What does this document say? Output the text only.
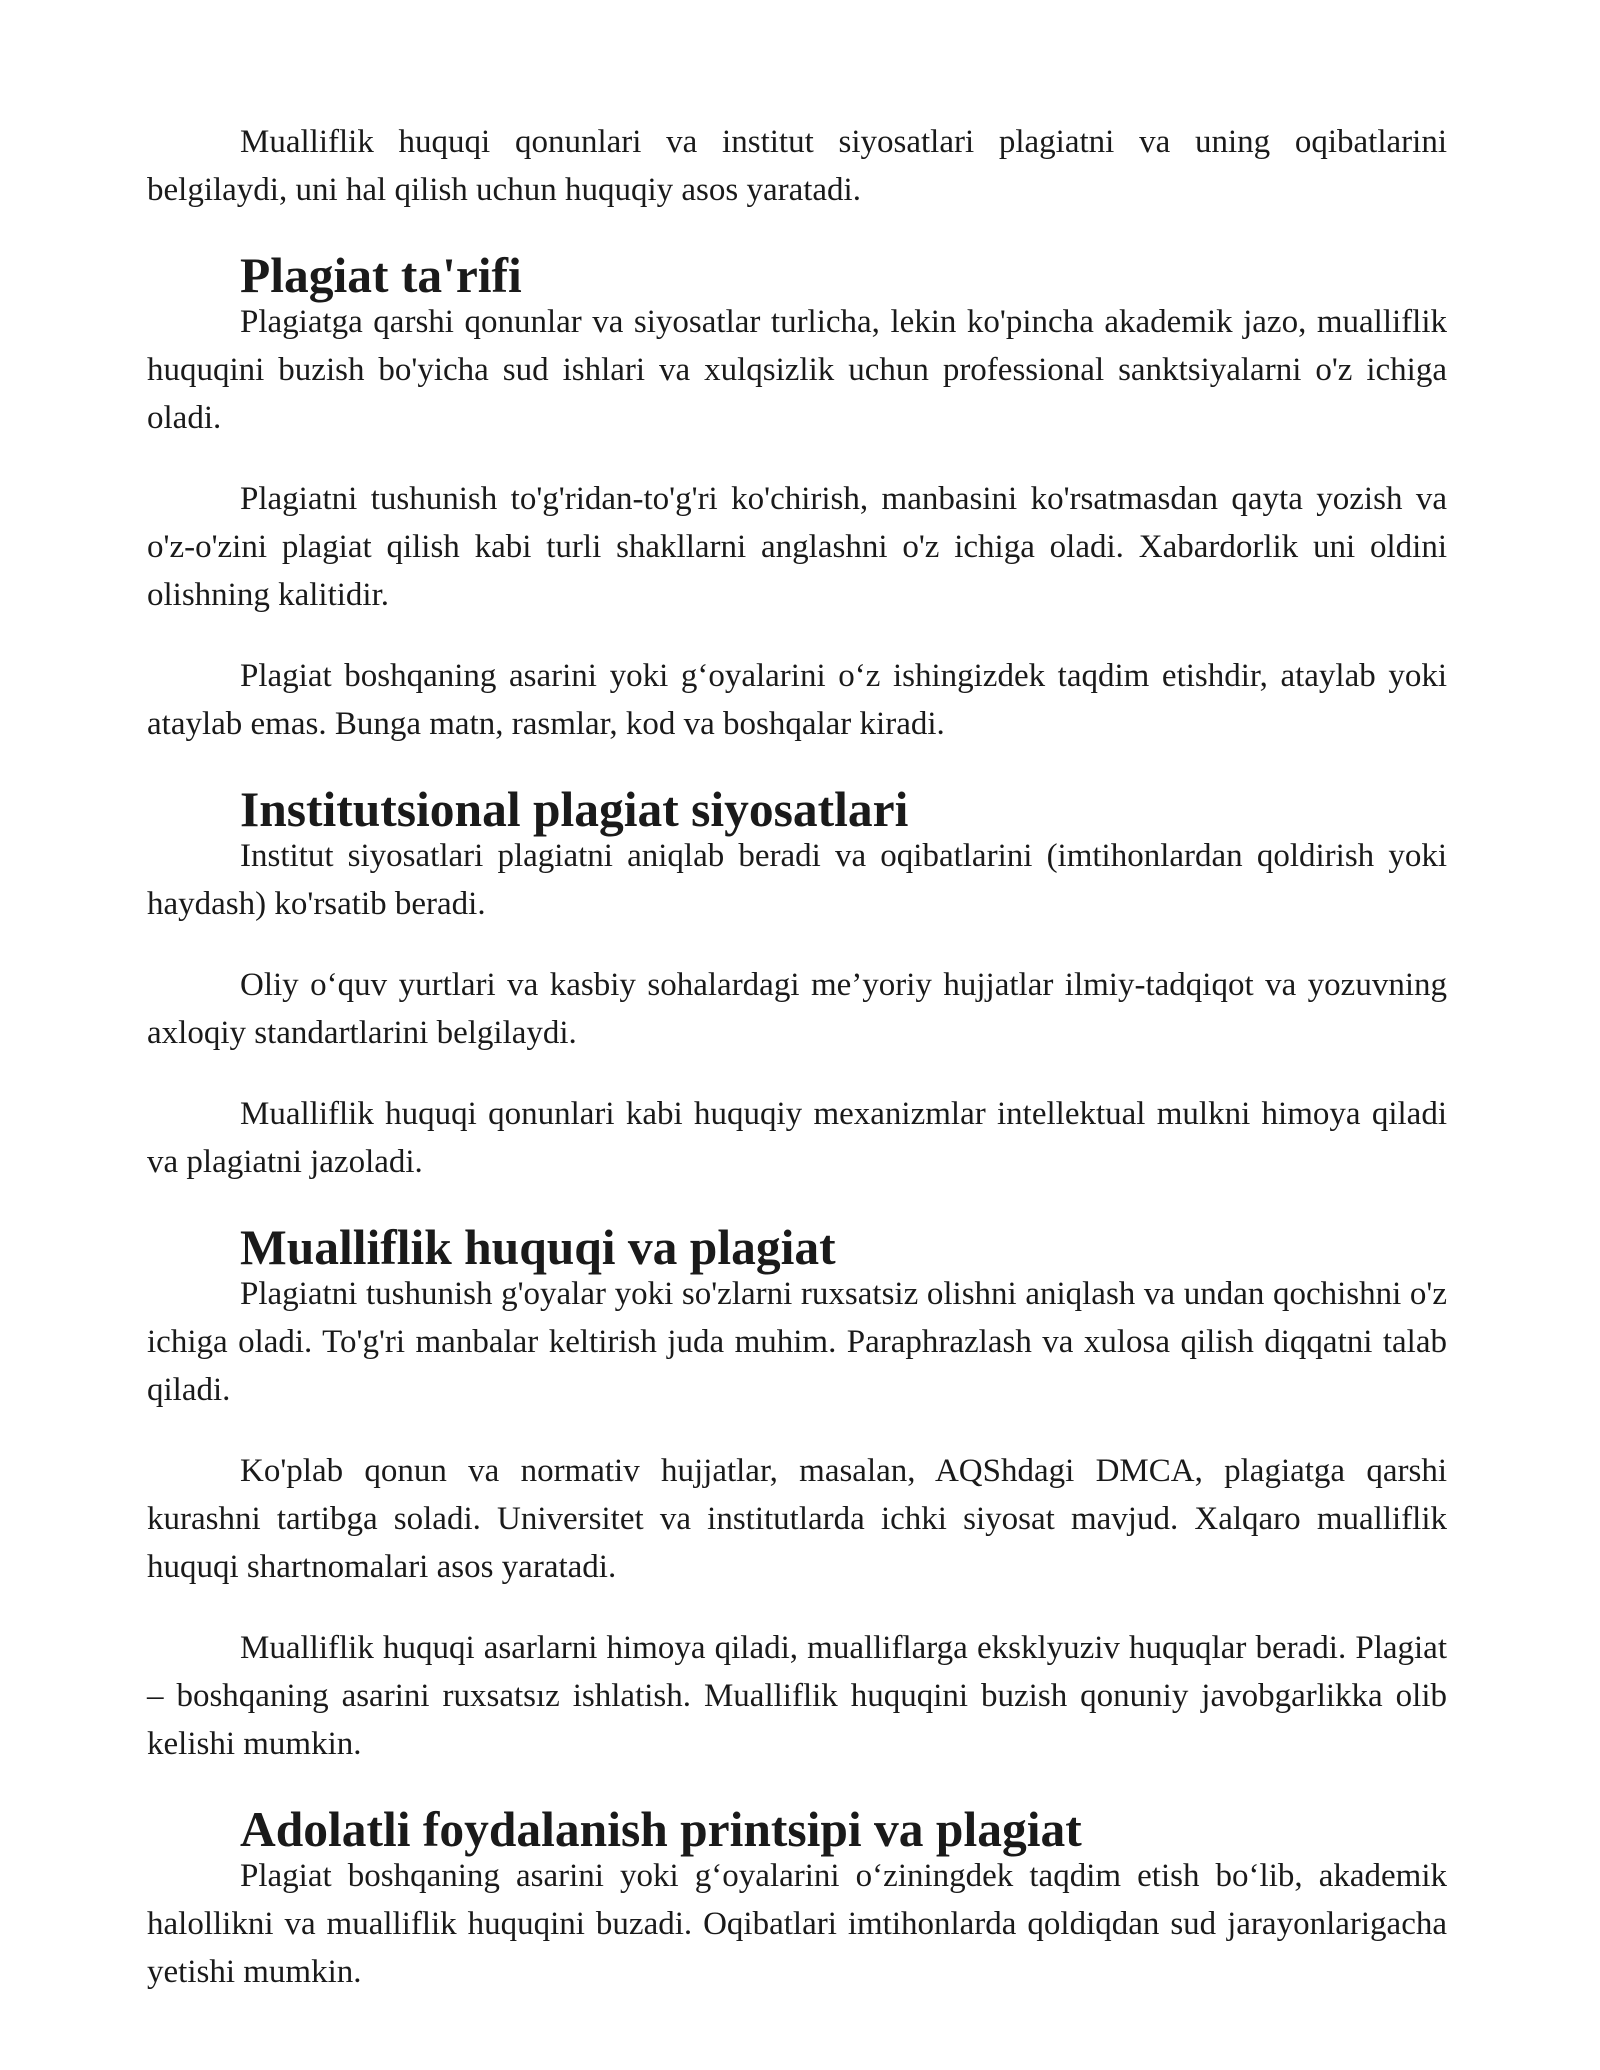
Mualliflik huquqi qonunlari va institut siyosatlari plagiatni va uning oqibatlarini belgilaydi, uni hal qilish uchun huquqiy asos yaratadi.

Plagiat ta'rifi

Plagiatga qarshi qonunlar va siyosatlar turlicha, lekin ko'pincha akademik jazo, mualliflik huquqini buzish bo'yicha sud ishlari va xulqsizlik uchun professional sanktsiyalarni o'z ichiga oladi.

Plagiatni tushunish to'g'ridan-to'g'ri ko'chirish, manbasini ko'rsatmasdan qayta yozish va o'z-o'zini plagiat qilish kabi turli shakllarni anglashni o'z ichiga oladi. Xabardorlik uni oldini olishning kalitidir.

Plagiat boshqaning asarini yoki g‘oyalarini o‘z ishingizdek taqdim etishdir, ataylab yoki ataylab emas. Bunga matn, rasmlar, kod va boshqalar kiradi.

Institutsional plagiat siyosatlari

Institut siyosatlari plagiatni aniqlab beradi va oqibatlarini (imtihonlardan qoldirish yoki haydash) ko'rsatib beradi.

Oliy o‘quv yurtlari va kasbiy sohalardagi me’yoriy hujjatlar ilmiy-tadqiqot va yozuvning axloqiy standartlarini belgilaydi.

Mualliflik huquqi qonunlari kabi huquqiy mexanizmlar intellektual mulkni himoya qiladi va plagiatni jazoladi.

Mualliflik huquqi va plagiat

Plagiatni tushunish g'oyalar yoki so'zlarni ruxsatsiz olishni aniqlash va undan qochishni o'z ichiga oladi. To'g'ri manbalar keltirish juda muhim. Paraphrazlash va xulosa qilish diqqatni talab qiladi.

Ko'plab qonun va normativ hujjatlar, masalan, AQShdagi DMCA, plagiatga qarshi kurashni tartibga soladi. Universitet va institutlarda ichki siyosat mavjud. Xalqaro mualliflik huquqi shartnomalari asos yaratadi.

Mualliflik huquqi asarlarni himoya qiladi, mualliflarga eksklyuziv huquqlar beradi. Plagiat – boshqaning asarini ruxsatsız ishlatish. Mualliflik huquqini buzish qonuniy javobgarlikka olib kelishi mumkin.

Adolatli foydalanish printsipi va plagiat

Plagiat boshqaning asarini yoki g‘oyalarini o‘ziningdek taqdim etish bo‘lib, akademik halollikni va mualliflik huquqini buzadi. Oqibatlari imtihonlarda qoldiqdan sud jarayonlarigacha yetishi mumkin.
